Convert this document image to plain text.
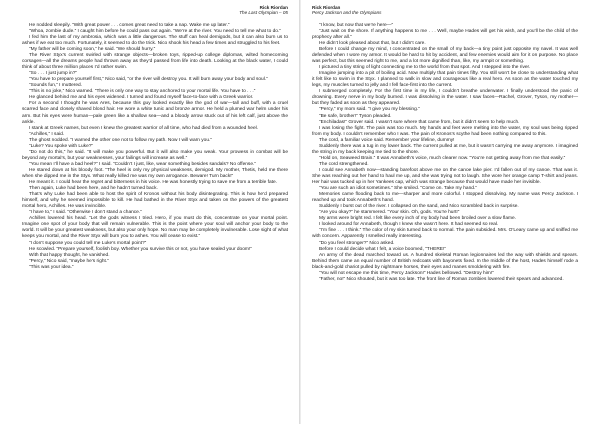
Rick Riordan
The Last Olympian – 05

He nodded sleepily. “With great power . . . comes great need to take a nap. Wake me up later.”

“Whoa, zombie dude.” I caught him before he could pass out again. “We’re at the river. You need to tell me what to do.”

I fed him the last of my ambrosia, which was a little dangerous. The stuff can heal demigods, but it can also burn us to ashes if we eat too much. Fortunately, it seemed to do the trick. Nico shook his head a few times and struggled to his feet.

“My father will be coming soon,” he said. “We should hurry.”

The River Styx’s current swirled with strange objects—broken toys, ripped-up college diplomas, wilted homecoming corsages—all the dreams people had thrown away as they’d passed from life into death. Looking at the black water, I could think of about three million places I’d rather swim.

“So . . . I just jump in?”

“You have to prepare yourself first,” Nico said, “or the river will destroy you. It will burn away your body and soul.”

“Sounds fun,” I muttered.

“This is no joke,” Nico warned. “There is only one way to stay anchored to your mortal life. You have to . . .”

He glanced behind me and his eyes widened. I turned and found myself face-to-face with a Greek warrior.

For a second I thought he was Ares, because this guy looked exactly like the god of war—tall and buff, with a cruel scarred face and closely shaved blond hair. He wore a white tunic and bronze armor. He held a plumed war helm under his arm. But his eyes were human—pale green like a shallow sea—and a bloody arrow stuck out of his left calf, just above the ankle.

I stank at Greek names, but even I knew the greatest warrior of all time, who had died from a wounded heel.

“Achilles,” I said.

The ghost nodded. “I warned the other one not to follow my path. Now I will warn you.”

“Luke? You spoke with Luke?”

“Do not do this,” he said. “It will make you powerful. But it will also make you weak. Your prowess in combat will be beyond any mortal’s, but your weaknesses, your failings will increase as well.”

“You mean I’ll have a bad heel?” I said. “Couldn’t I just, like, wear something besides sandals? No offense.”

He stared down at his bloody foot. “The heel is only my physical weakness, demigod. My mother, Thetis, held me there when she dipped me in the Styx. What really killed me was my own arrogance. Beware! Turn back!”

He meant it. I could hear the regret and bitterness in his voice. He was honestly trying to save me from a terrible fate.

Then again, Luke had been here, and he hadn’t turned back.

That’s why Luke had been able to host the spirit of Kronos without his body disintegrating. This is how he’d prepared himself, and why he seemed impossible to kill. He had bathed in the River Styx and taken on the powers of the greatest mortal hero, Achilles. He was invincible.

“I have to,” I said. “Otherwise I don’t stand a chance.”

Achilles lowered his head. “Let the gods witness I tried. Hero, if you must do this, concentrate on your mortal point. Imagine one spot of your body that will remain vulnerable. This is the point where your soul will anchor your body to the world. It will be your greatest weakness, but also your only hope. No man may be completely invulnerable. Lose sight of what keeps you mortal, and the River Styx will burn you to ashes. You will cease to exist.”

“I don’t suppose you could tell me Luke’s mortal point?”

He scowled. “Prepare yourself, foolish boy. Whether you survive this or not, you have sealed your doom!”

With that happy thought, he vanished.

“Percy,” Nico said, “maybe he’s right.”

“This was your idea.”

Rick Riordan
Percy Jackson and the Olympians

“I know, but now that we’re here—”

“Just wait on the shore. If anything happens to me . . . Well, maybe Hades will get his wish, and you’ll be the child of the prophecy after all.”

He didn’t look pleased about that, but I didn’t care.

Before I could change my mind, I concentrated on the small of my back—a tiny point just opposite my navel. It was well defended when I wore my armor. It would be hard to hit by accident, and few enemies would aim for it on purpose. No place was perfect, but this seemed right to me, and a lot more dignified than, like, my armpit or something.

I pictured a tiny string of light connecting me to the world from that spot. And I stepped into the river.

Imagine jumping into a pit of boiling acid. Now multiply that pain times fifty. You still won’t be close to understanding what it felt like to swim in the Styx. I planned to walk in slow and courageous like a real hero. As soon as the water touched my legs, my muscles turned to jelly and I fell face-first into the current.

I submerged completely. For the first time in my life, I couldn’t breathe underwater. I finally understood the panic of drowning. Every nerve in my body burned. I was dissolving in the water. I saw faces—Rachel, Grover, Tyson, my mother—but they faded as soon as they appeared.

“Percy,” my mom said. “I give you my blessing.”

“Be safe, brother!” Tyson pleaded.

“Enchiladas!” Grover said. I wasn’t sure where that came from, but it didn’t seem to help much.

I was losing the fight. The pain was too much. My hands and feet were melting into the water, my soul was being ripped from my body. I couldn’t remember who I was. The pain of Kronos’s scythe had been nothing compared to this.

The cord, a familiar voice said. Remember your lifeline, dummy!

Suddenly there was a tug in my lower back. The current pulled at me, but it wasn’t carrying me away anymore. I imagined the string in my back keeping me tied to the shore.

“Hold on, Seaweed Brain.” It was Annabeth’s voice, much clearer now. “You’re not getting away from me that easily.”

The cord strengthened.

I could see Annabeth now—standing barefoot above me on the canoe lake pier. I’d fallen out of my canoe. That was it. She was reaching out her hand to haul me up, and she was trying not to laugh. She wore her orange camp T-shirt and jeans. Her hair was tucked up in her Yankees cap, which was strange because that would have made her invisible.

“You are such an idiot sometimes.” She smiled. “Come on. Take my hand.”

Memories came flooding back to me—sharper and more colorful. I stopped dissolving. My name was Percy Jackson. I reached up and took Annabeth’s hand.

Suddenly I burst out of the river. I collapsed on the sand, and Nico scrambled back in surprise.

“Are you okay?” he stammered. “Your skin. Oh, gods. You’re hurt!”

My arms were bright red. I felt like every inch of my body had been broiled over a slow flame.

I looked around for Annabeth, though I knew she wasn’t here. It had seemed so real.

“I’m fine . . . I think.” The color of my skin turned back to normal. The pain subsided. Mrs. O’Leary came up and sniffed me with concern. Apparently I smelled really interesting.

“Do you feel stronger?” Nico asked.

Before I could decide what I felt, a voice boomed, “THERE!”

An army of the dead marched toward us. A hundred skeletal Roman legionnaires led the way with shields and spears. Behind them came an equal number of British redcoats with bayonets fixed. In the middle of the host, Hades himself rode a black-and-gold chariot pulled by nightmare horses, their eyes and manes smoldering with fire.

“You will not escape me this time, Percy Jackson!” Hades bellowed. “Destroy him!”

“Father, no!” Nico shouted, but it was too late. The front line of Roman zombies lowered their spears and advanced.
